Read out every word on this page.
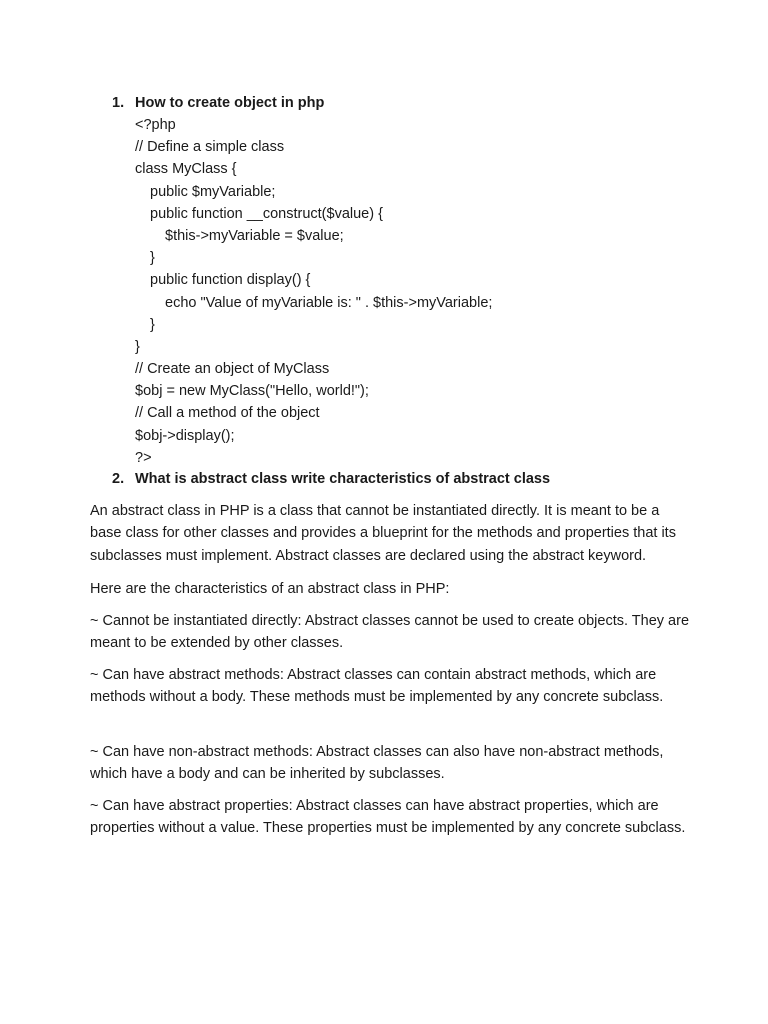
1. How to create object in php
<?php
// Define a simple class
class MyClass {
public $myVariable;
public function __construct($value) {
$this->myVariable = $value;
}
public function display() {
echo "Value of myVariable is: " . $this->myVariable;
}
}
// Create an object of MyClass
$obj = new MyClass("Hello, world!");
// Call a method of the object
$obj->display();
?>
2. What is abstract class write characteristics of abstract class

An abstract class in PHP is a class that cannot be instantiated directly. It is meant to be a base class for other classes and provides a blueprint for the methods and properties that its subclasses must implement. Abstract classes are declared using the abstract keyword.

Here are the characteristics of an abstract class in PHP:

~ Cannot be instantiated directly: Abstract classes cannot be used to create objects. They are meant to be extended by other classes.

~ Can have abstract methods: Abstract classes can contain abstract methods, which are methods without a body. These methods must be implemented by any concrete subclass.

~ Can have non-abstract methods: Abstract classes can also have non-abstract methods, which have a body and can be inherited by subclasses.

~ Can have abstract properties: Abstract classes can have abstract properties, which are properties without a value. These properties must be implemented by any concrete subclass.
